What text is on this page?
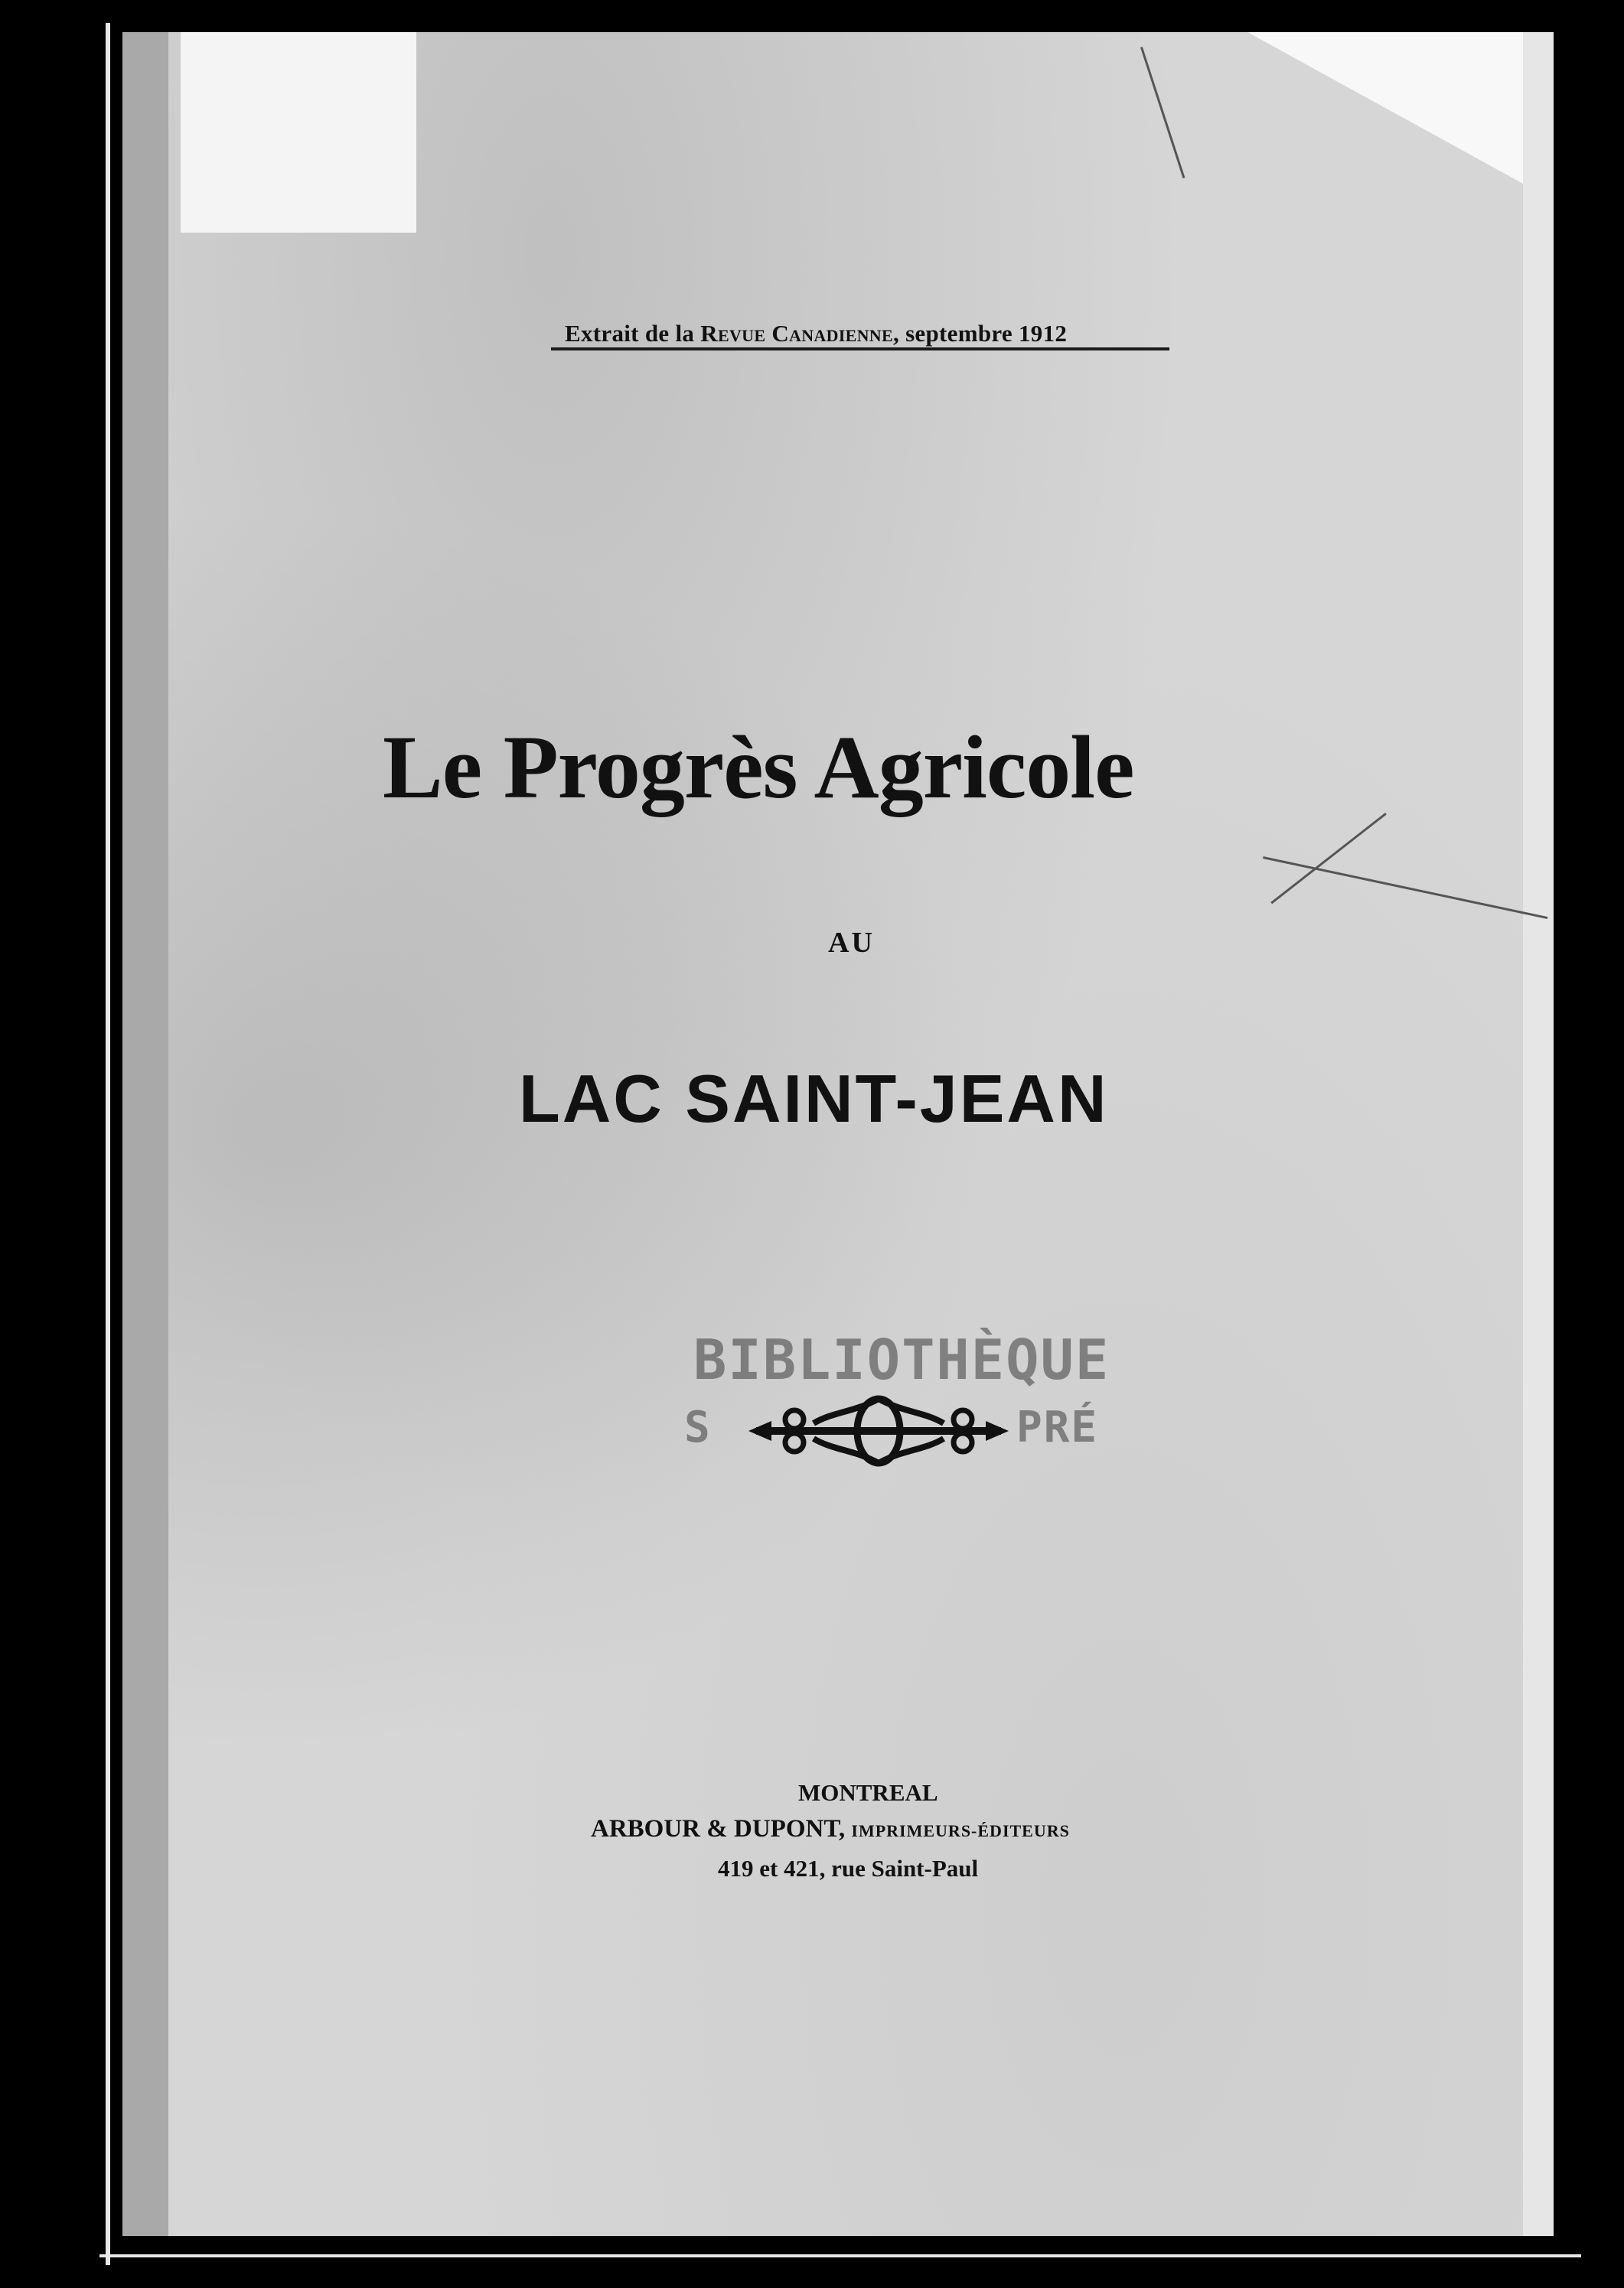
Extrait de la Revue Canadienne, septembre 1912
Le Progrès Agricole
AU
LAC SAINT-JEAN
BIBLIOTHÈQUE
S	PRÉ
MONTREAL
ARBOUR & DUPONT, IMPRIMEURS-ÉDITEURS
419 et 421, rue Saint-Paul
